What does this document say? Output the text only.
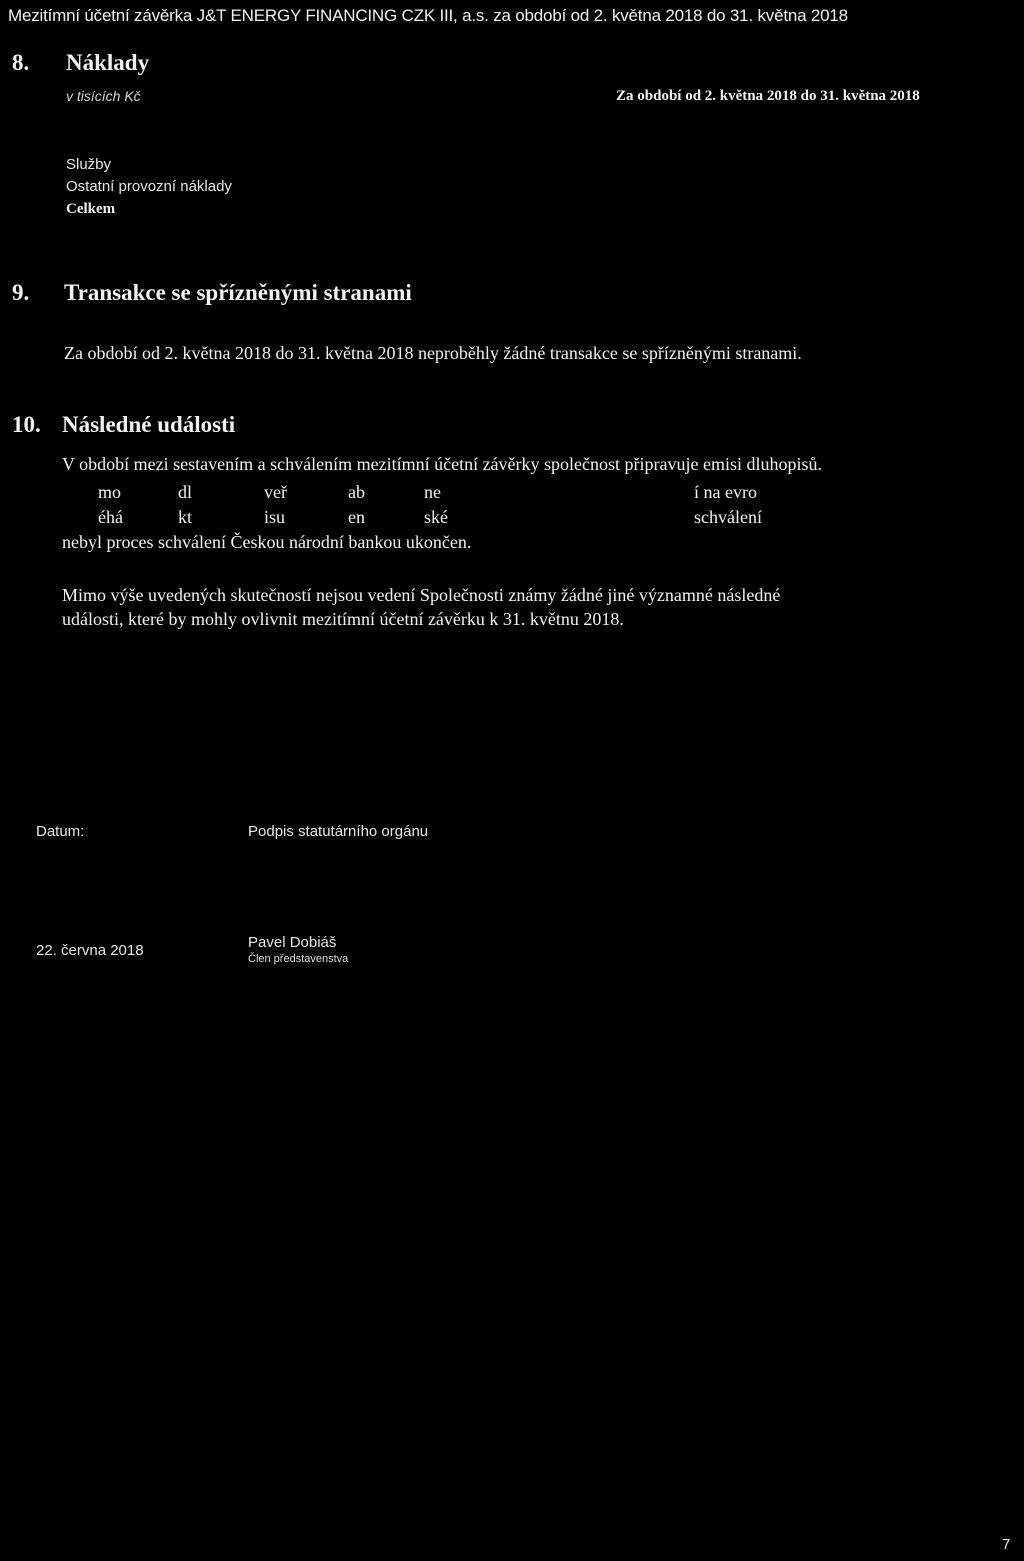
Mezitímní účetní závěrka J&T ENERGY FINANCING CZK III, a.s. za období od 2. května 2018 do 31. května 2018
8. Náklady
v tisících Kč	Za období od 2. května 2018 do 31. května 2018
Služby
Ostatní provozní náklady
Celkem
9. Transakce se spřízněnými stranami
Za období od 2. května 2018 do 31. května 2018 neproběhly žádné transakce se spřízněnými stranami.
10. Následné události
V období mezi sestavením a schválením mezitímní účetní závěrky společnost připravuje emisi dluhopisů.
mo	dl	veř	ab	ne	í na evro
éhá	kt	isu	en	ské	schválení
nebyl proces schválení Českou národní bankou ukončen.
Mimo výše uvedených skutečností nejsou vedení Společnosti známy žádné jiné významné následné
události, které by mohly ovlivnit mezitímní účetní závěrku k 31. květnu 2018.
Datum:	Podpis statutárního orgánu
22. června 2018	Pavel Dobiáš
Člen představenstva
7
